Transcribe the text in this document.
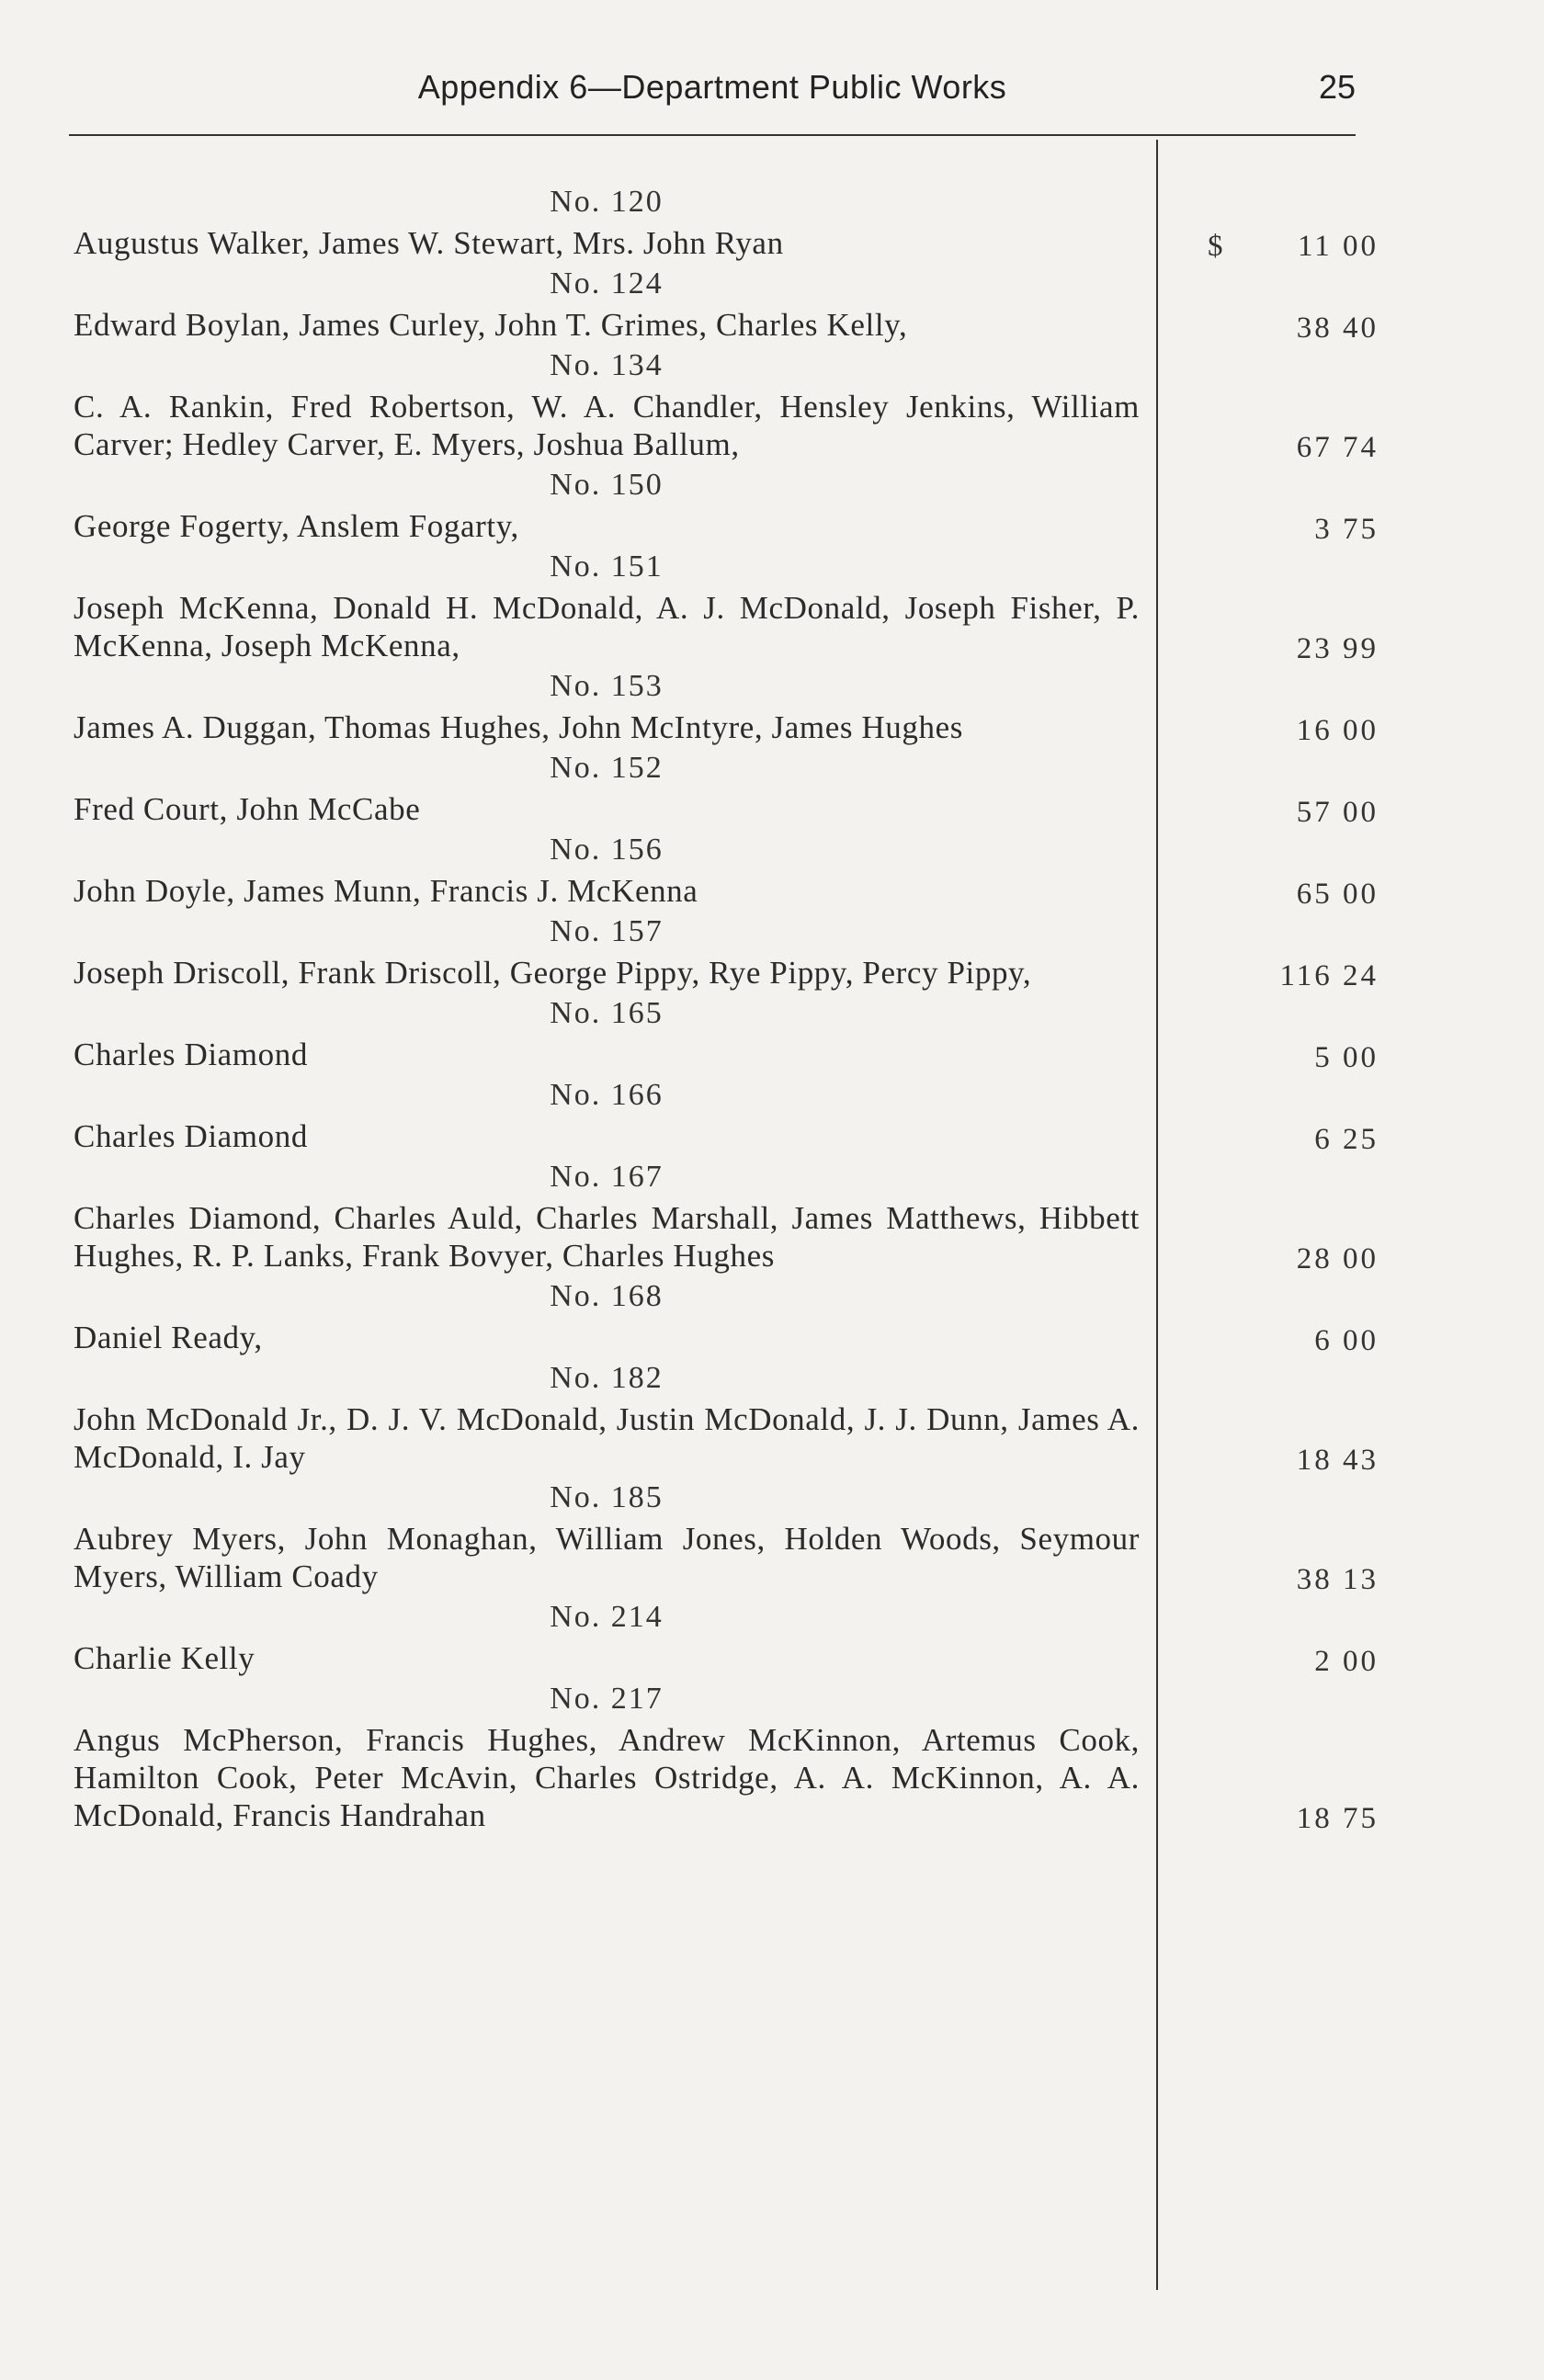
Appendix 6—Department Public Works	25
No. 120
Augustus Walker, James W. Stewart, Mrs. John Ryan	$ 11 00
No. 124
Edward Boylan, James Curley, John T. Grimes, Charles Kelly,	38 40
No. 134
C. A. Rankin, Fred Robertson, W. A. Chandler, Hensley Jenkins, William Carver; Hedley Carver, E. Myers, Joshua Ballum,	67 74
No. 150
George Fogerty, Anslem Fogarty,	3 75
No. 151
Joseph McKenna, Donald H. McDonald, A. J. McDonald, Joseph Fisher, P. McKenna, Joseph McKenna,	23 99
No. 153
James A. Duggan, Thomas Hughes, John McIntyre, James Hughes	16 00
No. 152
Fred Court, John McCabe	57 00
No. 156
John Doyle, James Munn, Francis J. McKenna	65 00
No. 157
Joseph Driscoll, Frank Driscoll, George Pippy, Rye Pippy, Percy Pippy,	116 24
No. 165
Charles Diamond	5 00
No. 166
Charles Diamond	6 25
No. 167
Charles Diamond, Charles Auld, Charles Marshall, James Matthews, Hibbett Hughes, R. P. Lanks, Frank Bovyer, Charles Hughes	28 00
No. 168
Daniel Ready,	6 00
No. 182
John McDonald Jr., D. J. V. McDonald, Justin McDonald, J. J. Dunn, James A. McDonald, I. Jay	18 43
No. 185
Aubrey Myers, John Monaghan, William Jones, Holden Woods, Seymour Myers, William Coady	38 13
No. 214
Charlie Kelly	2 00
No. 217
Angus McPherson, Francis Hughes, Andrew McKinnon, Artemus Cook, Hamilton Cook, Peter McAvin, Charles Ostridge, A. A. McKinnon, A. A. McDonald, Francis Handrahan	18 75
